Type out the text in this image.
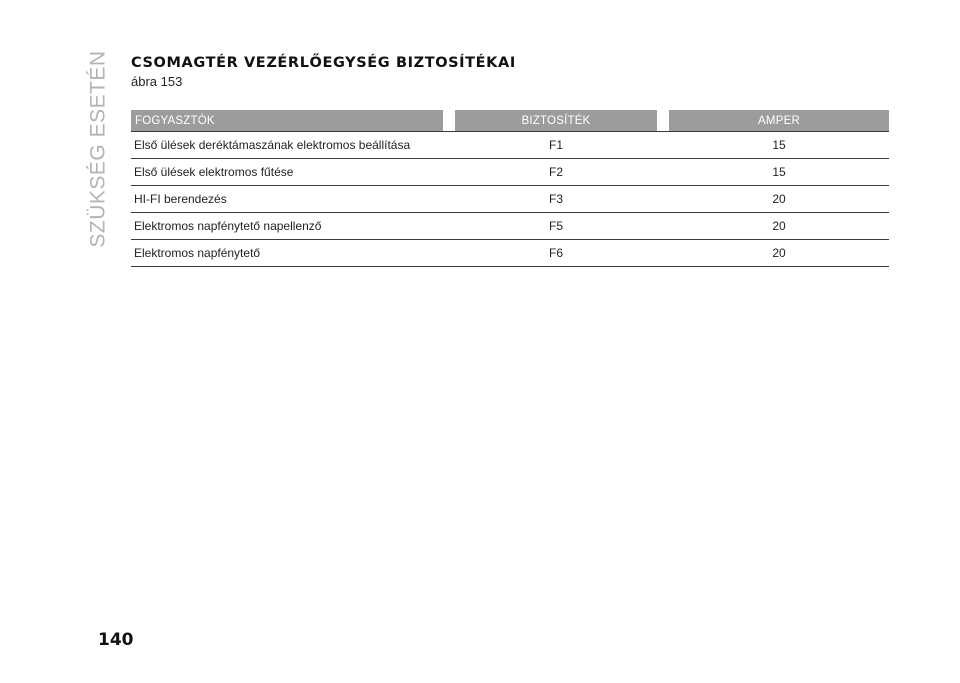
SZÜKSÉG ESETÉN CSOMAGTÉR VEZÉRLŐEGYSÉG BIZTOSÍTÉKAI
ábra 153
FOGYASZTÓK		BIZTOSÍTÉK		AMPER
Első ülések deréktámaszának elektromos beállítása		F1		15
Első ülések elektromos fűtése		F2		15
HI-FI berendezés		F3		20
Elektromos napfénytető napellenző		F5		20
Elektromos napfénytető		F6		20
140
